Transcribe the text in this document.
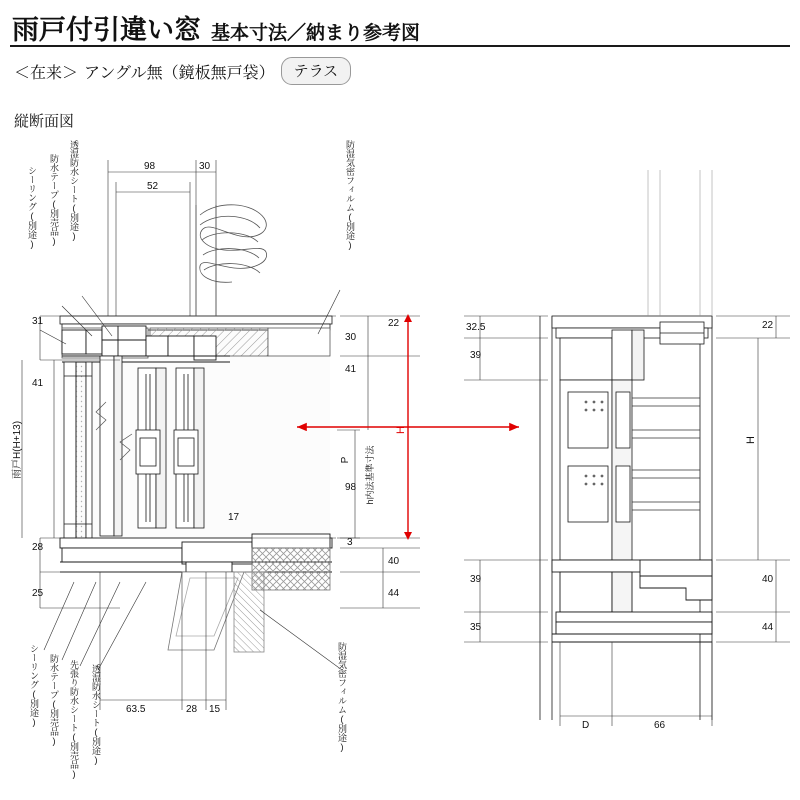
雨戸付引違い窓 基本寸法／納まり参考図
＜在来＞ アングル無（鏡板無戸袋）	テラス
縦断面図
98	30
52
31
41
28
25
雨戸H(H+13)
30
41
17
98
3
40
44
22
P h内法基準寸法
H
63.5	28 15
32.5
39
39
35
22
40
44
H
D	66
シーリング(別途) 防水テープ(別売品) 透湿防水シート(別途)	防湿気密フィルム(別途)
シーリング(別途) 防水テープ(別売品) 先張り防水シート(別売品) 透湿防水シート(別途)	防湿気密フィルム(別途)
